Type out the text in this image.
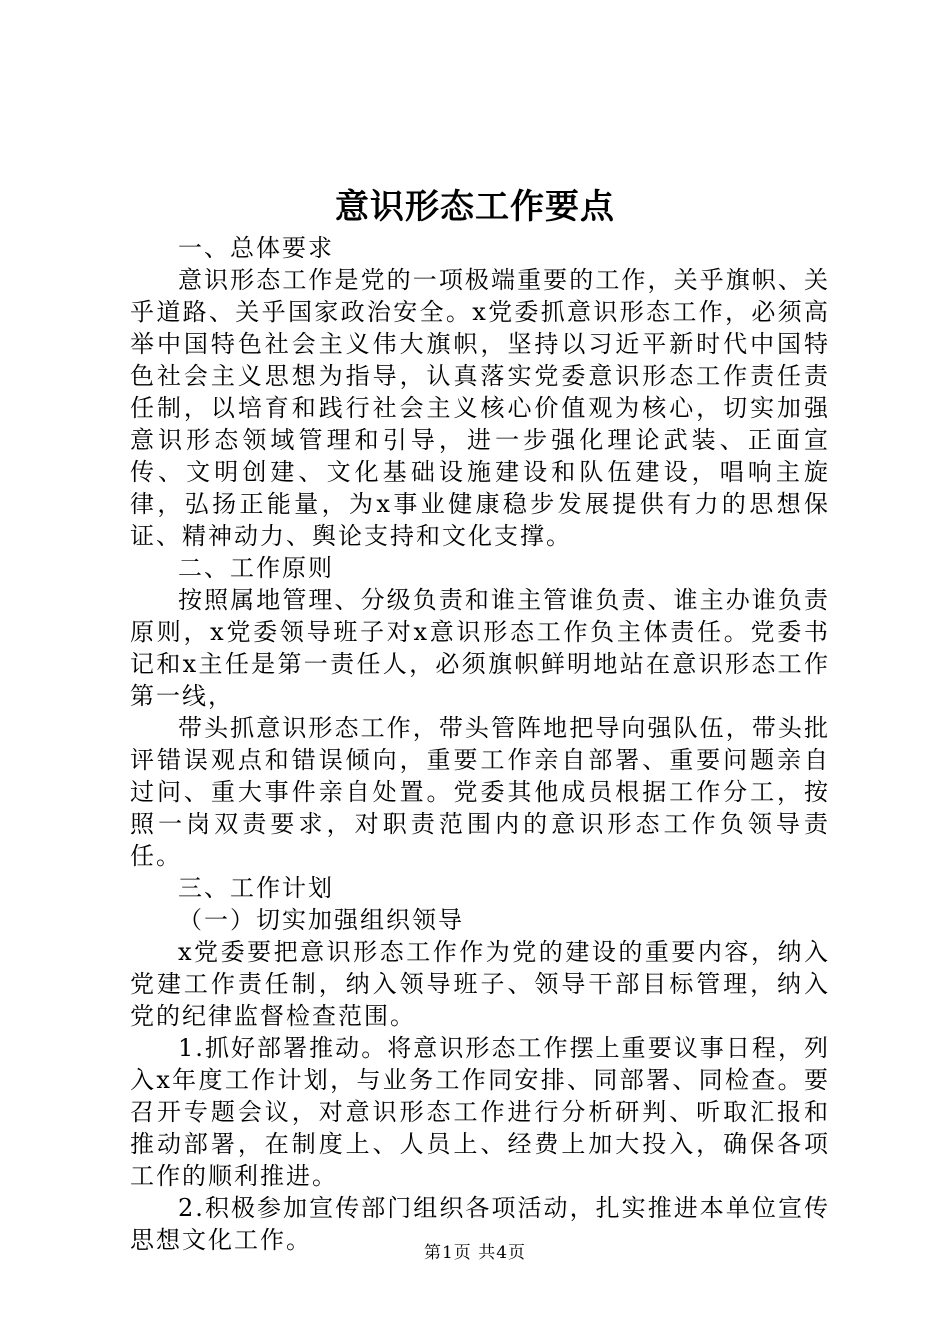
意识形态工作要点

一、总体要求

意识形态工作是党的一项极端重要的工作，关乎旗帜、关乎道路、关乎国家政治安全。x党委抓意识形态工作，必须高举中国特色社会主义伟大旗帜，坚持以习近平新时代中国特色社会主义思想为指导，认真落实党委意识形态工作责任责任制，以培育和践行社会主义核心价值观为核心，切实加强意识形态领域管理和引导，进一步强化理论武装、正面宣传、文明创建、文化基础设施建设和队伍建设，唱响主旋律，弘扬正能量，为x事业健康稳步发展提供有力的思想保证、精神动力、舆论支持和文化支撑。

二、工作原则

按照属地管理、分级负责和谁主管谁负责、谁主办谁负责原则，x党委领导班子对x意识形态工作负主体责任。党委书记和x主任是第一责任人，必须旗帜鲜明地站在意识形态工作第一线，

带头抓意识形态工作，带头管阵地把导向强队伍，带头批评错误观点和错误倾向，重要工作亲自部署、重要问题亲自过问、重大事件亲自处置。党委其他成员根据工作分工，按照一岗双责要求，对职责范围内的意识形态工作负领导责任。

三、工作计划

（一）切实加强组织领导

x党委要把意识形态工作作为党的建设的重要内容，纳入党建工作责任制，纳入领导班子、领导干部目标管理，纳入党的纪律监督检查范围。

1.抓好部署推动。将意识形态工作摆上重要议事日程，列入x年度工作计划，与业务工作同安排、同部署、同检查。要召开专题会议，对意识形态工作进行分析研判、听取汇报和推动部署，在制度上、人员上、经费上加大投入，确保各项工作的顺利推进。

2.积极参加宣传部门组织各项活动，扎实推进本单位宣传思想文化工作。	第1页 共4页
